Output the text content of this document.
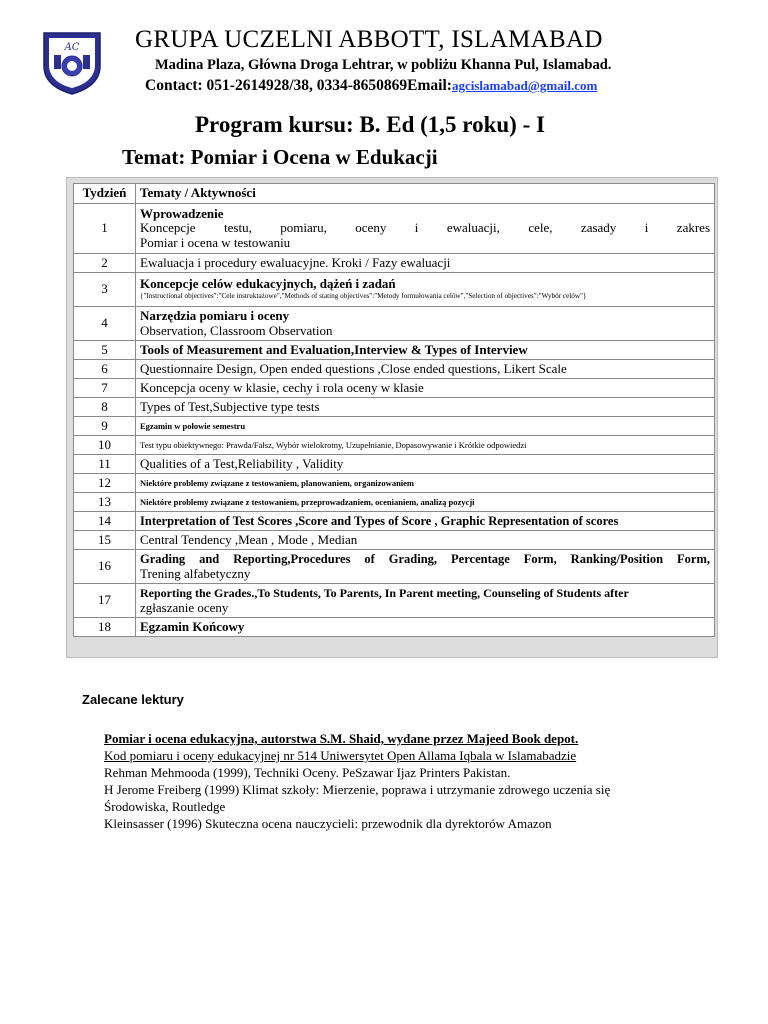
AC GRUPA UCZELNI ABBOTT, ISLAMABAD
Madina Plaza, Główna Droga Lehtrar, w pobliżu Khanna Pul, Islamabad.
Contact: 051-2614928/38, 0334-8650869Email:agcislamabad@gmail.com
Program kursu: B. Ed (1,5 roku) - I
Temat: Pomiar i Ocena w Edukacji
Tydzień	Tematy / Aktywności
1	Wprowadzenie
Koncepcje testu, pomiaru, oceny i ewaluacji, cele, zasady i zakres
Pomiar i ocena w testowaniu

2	Ewaluacja i procedury ewaluacyjne. Kroki / Fazy ewaluacji
3	Koncepcje celów edukacyjnych, dążeń i zadań
{"Instructional objectives":"Cele instruktażowe","Methods of stating objectives":"Metody formułowania celów","Selection of objectives":"Wybór celów"}

4	Narzędzia pomiaru i oceny
Observation, Classroom Observation

5	Tools of Measurement and Evaluation,Interview & Types of Interview
6	Questionnaire Design, Open ended questions ,Close ended questions, Likert Scale
7	Koncepcja oceny w klasie, cechy i rola oceny w klasie
8	Types of Test,Subjective type tests
9	Egzamin w połowie semestru
10	Test typu obiektywnego: Prawda/Fałsz, Wybór wielokrotny, Uzupełnianie, Dopasowywanie i Krótkie odpowiedzi
11	Qualities of a Test,Reliability , Validity
12	Niektóre problemy związane z testowaniem, planowaniem, organizowaniem
13	Niektóre problemy związane z testowaniem, przeprowadzaniem, ocenianiem, analizą pozycji
14	Interpretation of Test Scores ,Score and Types of Score , Graphic Representation of scores
15	Central Tendency ,Mean , Mode , Median
16	Grading and Reporting,Procedures of Grading, Percentage Form, Ranking/Position Form,
Trening alfabetyczny

17	Reporting the Grades.,To Students, To Parents, In Parent meeting, Counseling of Students after
zgłaszanie oceny

18	Egzamin Końcowy
Zalecane lektury
Pomiar i ocena edukacyjna, autorstwa S.M. Shaid, wydane przez Majeed Book depot.
Kod pomiaru i oceny edukacyjnej nr 514 Uniwersytet Open Allama Iqbala w Islamabadzie
Rehman Mehmooda (1999), Techniki Oceny. PeSzawar Ijaz Printers Pakistan.
H Jerome Freiberg (1999) Klimat szkoły: Mierzenie, poprawa i utrzymanie zdrowego uczenia się Środowiska, Routledge
Kleinsasser (1996) Skuteczna ocena nauczycieli: przewodnik dla dyrektorów Amazon
